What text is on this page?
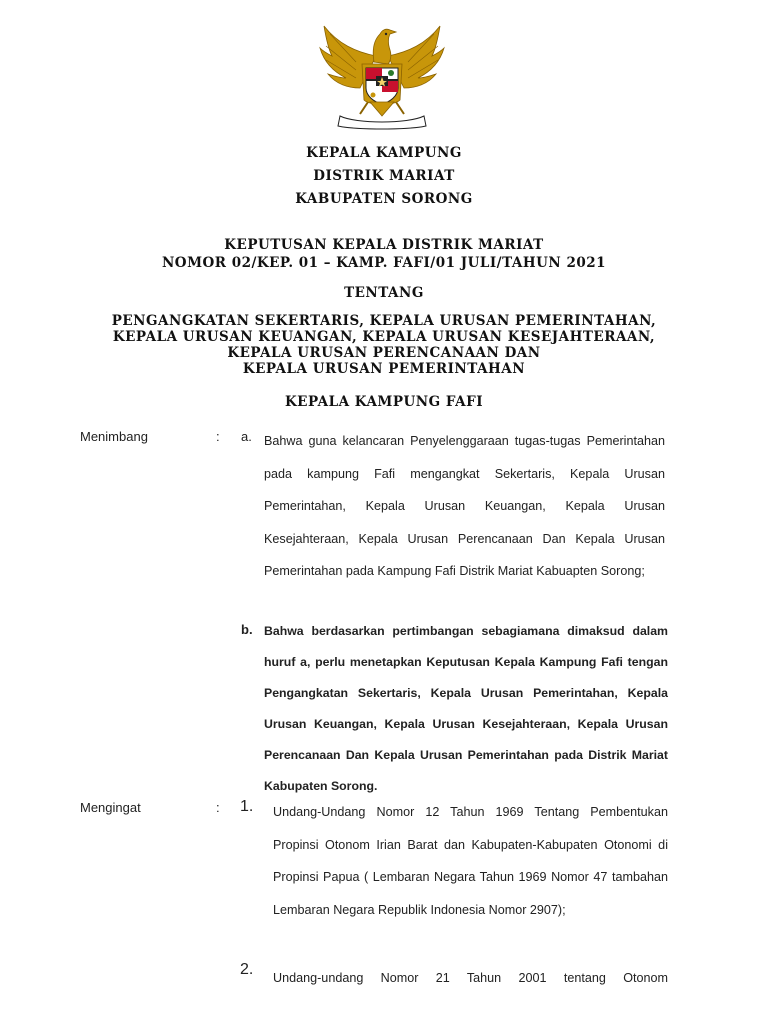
KEPALA KAMPUNG
DISTRIK MARIAT
KABUPATEN SORONG
KEPUTUSAN KEPALA DISTRIK MARIAT
NOMOR 02/KEP. 01 – KAMP. FAFI/01 JULI/TAHUN 2021
TENTANG
PENGANGKATAN SEKERTARIS, KEPALA URUSAN PEMERINTAHAN,
KEPALA URUSAN KEUANGAN, KEPALA URUSAN KESEJAHTERAAN,
KEPALA URUSAN PERENCANAAN DAN
KEPALA URUSAN PEMERINTAHAN
KEPALA KAMPUNG FAFI
Menimbang	: a. Bahwa guna kelancaran Penyelenggaraan tugas-tugas Pemerintahan pada kampung Fafi mengangkat Sekertaris, Kepala Urusan Pemerintahan, Kepala Urusan Keuangan, Kepala Urusan Kesejahteraan, Kepala Urusan Perencanaan Dan Kepala Urusan Pemerintahan pada Kampung Fafi Distrik Mariat Kabuapten Sorong;
b. Bahwa berdasarkan pertimbangan sebagiamana dimaksud dalam huruf a, perlu menetapkan Keputusan Kepala Kampung Fafi tengan Pengangkatan Sekertaris, Kepala Urusan Pemerintahan, Kepala Urusan Keuangan, Kepala Urusan Kesejahteraan, Kepala Urusan Perencanaan Dan Kepala Urusan Pemerintahan pada Distrik Mariat Kabupaten Sorong.
Mengingat	: 1. Undang-Undang Nomor 12 Tahun 1969 Tentang Pembentukan Propinsi Otonom Irian Barat dan Kabupaten-Kabupaten Otonomi di Propinsi Papua ( Lembaran Negara Tahun 1969 Nomor 47 tambahan Lembaran Negara Republik Indonesia Nomor 2907);
2. Undang-undang Nomor 21 Tahun 2001 tentang Otonom
